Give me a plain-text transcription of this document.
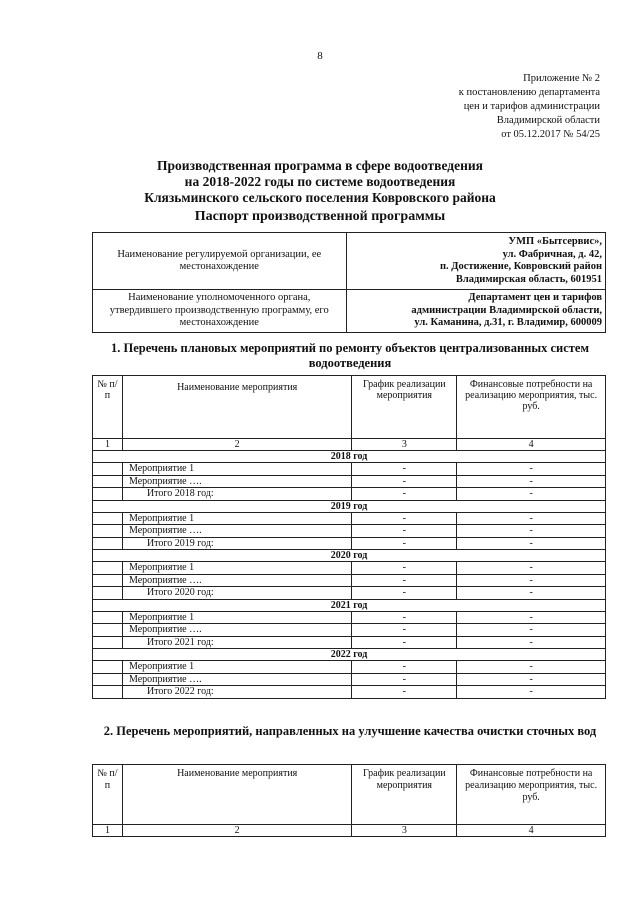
8
Приложение № 2
к постановлению департамента
цен и тарифов администрации
Владимирской области
от 05.12.2017 № 54/25
Производственная программа в сфере водоотведения
на 2018-2022 годы по системе водоотведения
Клязьминского сельского поселения Ковровского района
Паспорт производственной программы
Наименование регулируемой организации, ее местонахождение	УМП «Бытсервис»,
ул. Фабричная, д. 42,
п. Достижение, Ковровский район
Владимирская область, 601951

Наименование уполномоченного органа, утвердившего производственную программу, его местонахождение	Департамент цен и тарифов
администрации Владимирской области,
ул. Каманина, д.31, г. Владимир, 600009
1. Перечень плановых мероприятий по ремонту объектов централизованных систем водоотведения
№ п/п	Наименование мероприятия	График реализации мероприятия	Финансовые потребности на реализацию мероприятия, тыс. руб.
1	2	3	4
2018 год			
	Мероприятие 1	-	-
	Мероприятие ….	-	-
	Итого 2018 год:	-	-
2019 год			
	Мероприятие 1	-	-
	Мероприятие ….	-	-
	Итого 2019 год:	-	-
2020 год			
	Мероприятие 1	-	-
	Мероприятие ….	-	-
	Итого 2020 год:	-	-
2021 год			
	Мероприятие 1	-	-
	Мероприятие ….	-	-
	Итого 2021 год:	-	-
2022 год			
	Мероприятие 1	-	-
	Мероприятие ….	-	-
	Итого 2022 год:	-	-
2. Перечень мероприятий, направленных на улучшение качества очистки сточных вод
№ п/п	Наименование мероприятия	График реализации мероприятия	Финансовые потребности на реализацию мероприятия, тыс. руб.
1	2	3	4
